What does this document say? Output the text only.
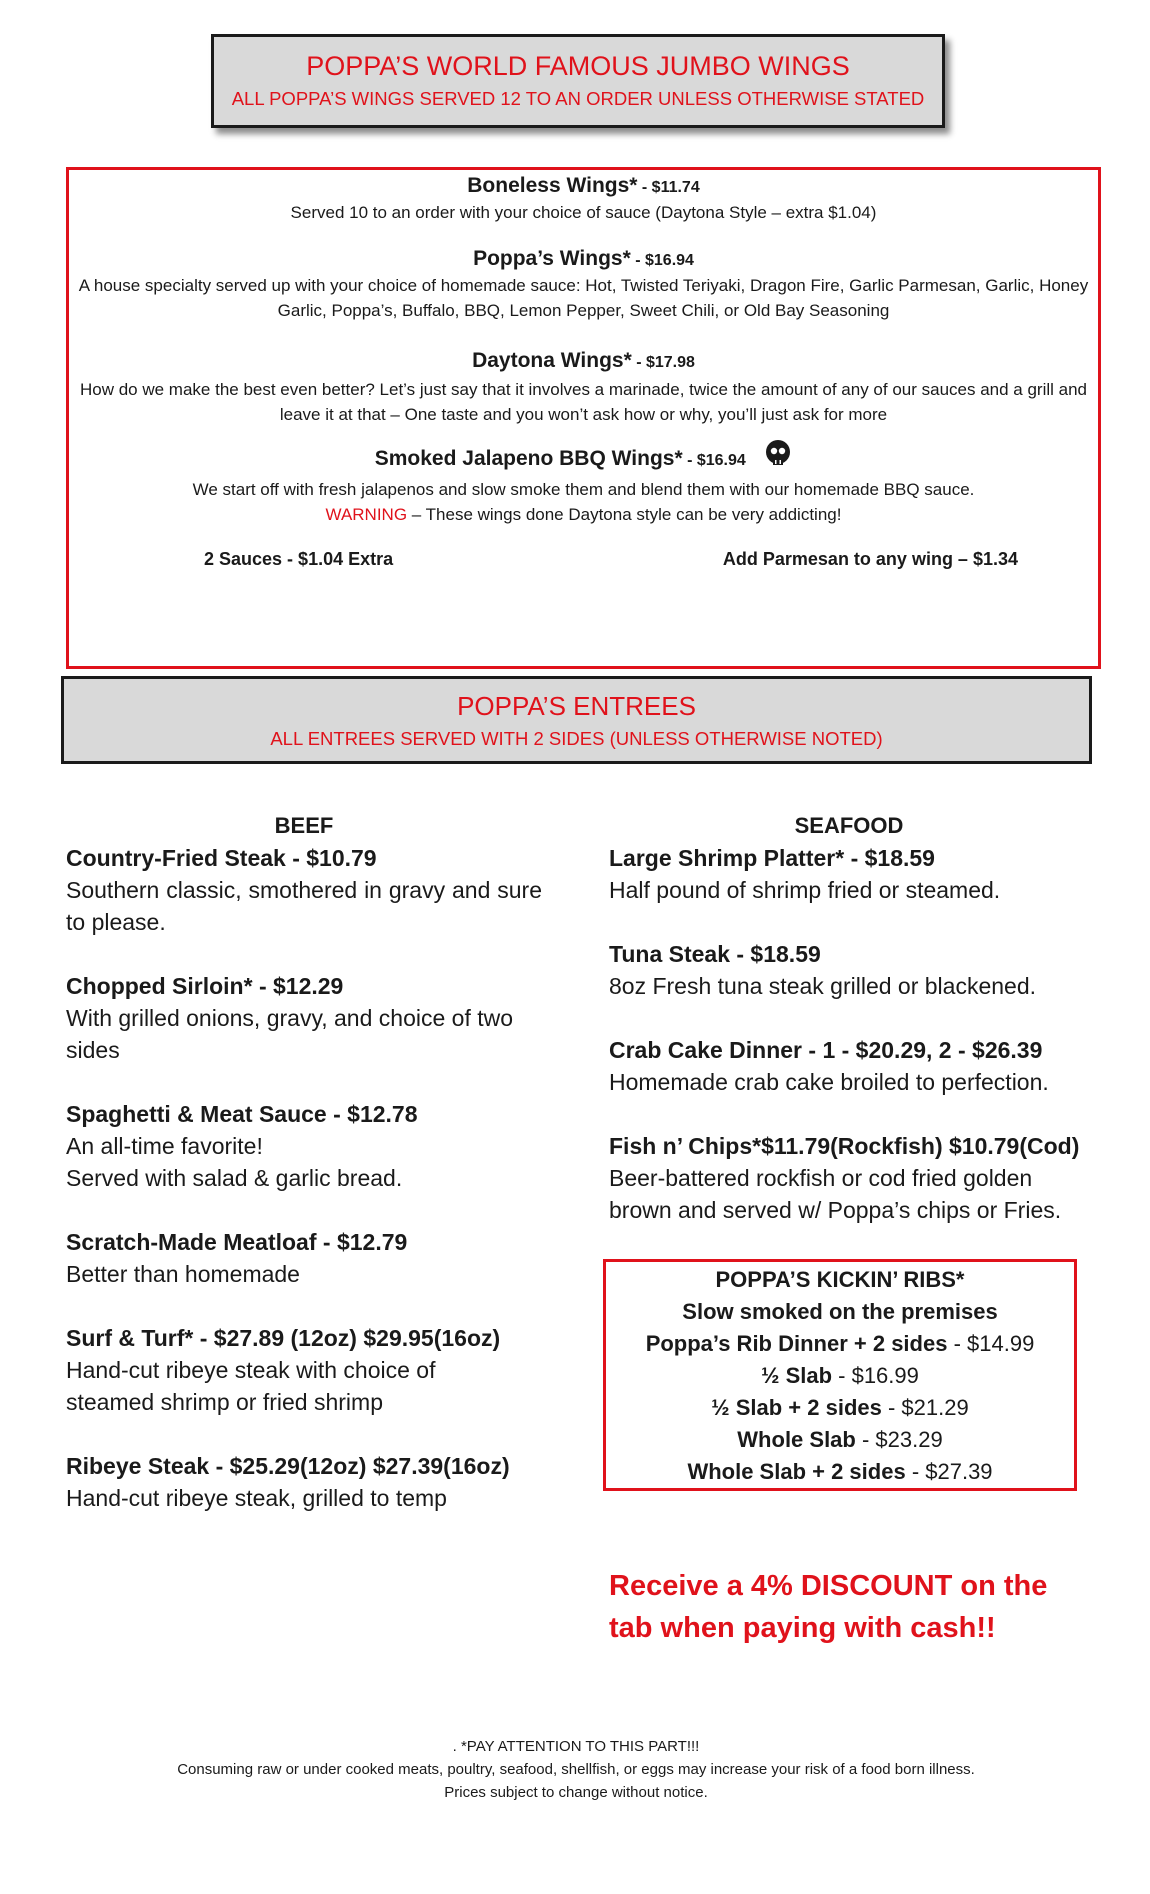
POPPA’S WORLD FAMOUS JUMBO WINGS
ALL POPPA’S WINGS SERVED 12 TO AN ORDER UNLESS OTHERWISE STATED
Boneless Wings* - $11.74
Served 10 to an order with your choice of sauce (Daytona Style – extra $1.04)
Poppa’s Wings* - $16.94
A house specialty served up with your choice of homemade sauce: Hot, Twisted Teriyaki, Dragon Fire, Garlic Parmesan, Garlic, Honey Garlic, Poppa’s, Buffalo, BBQ, Lemon Pepper, Sweet Chili, or Old Bay Seasoning
Daytona Wings* - $17.98
How do we make the best even better? Let’s just say that it involves a marinade, twice the amount of any of our sauces and a grill and leave it at that – One taste and you won’t ask how or why, you’ll just ask for more
Smoked Jalapeno BBQ Wings* - $16.94
We start off with fresh jalapenos and slow smoke them and blend them with our homemade BBQ sauce.
WARNING – These wings done Daytona style can be very addicting!
2 Sauces - $1.04 Extra	Add Parmesan to any wing – $1.34
POPPA’S ENTREES
ALL ENTREES SERVED WITH 2 SIDES (UNLESS OTHERWISE NOTED)
BEEF
Country-Fried Steak - $10.79
Southern classic, smothered in gravy and sure to please.
Chopped Sirloin* - $12.29
With grilled onions, gravy, and choice of two sides
Spaghetti & Meat Sauce - $12.78
An all-time favorite!
Served with salad & garlic bread.
Scratch-Made Meatloaf - $12.79
Better than homemade
Surf & Turf* - $27.89 (12oz) $29.95(16oz)
Hand-cut ribeye steak with choice of steamed shrimp or fried shrimp
Ribeye Steak - $25.29(12oz) $27.39(16oz)
Hand-cut ribeye steak, grilled to temp
SEAFOOD
Large Shrimp Platter* - $18.59
Half pound of shrimp fried or steamed.
Tuna Steak - $18.59
8oz Fresh tuna steak grilled or blackened.
Crab Cake Dinner - 1 - $20.29, 2 - $26.39
Homemade crab cake broiled to perfection.
Fish n’ Chips*$11.79(Rockfish) $10.79(Cod)
Beer-battered rockfish or cod fried golden brown and served w/ Poppa’s chips or Fries.
POPPA’S KICKIN’ RIBS*
Slow smoked on the premises
Poppa’s Rib Dinner + 2 sides - $14.99
½ Slab - $16.99
½ Slab + 2 sides - $21.29
Whole Slab - $23.29
Whole Slab + 2 sides - $27.39
Receive a 4% DISCOUNT on the
tab when paying with cash!!
. *PAY ATTENTION TO THIS PART!!!
Consuming raw or under cooked meats, poultry, seafood, shellfish, or eggs may increase your risk of a food born illness.
Prices subject to change without notice.
